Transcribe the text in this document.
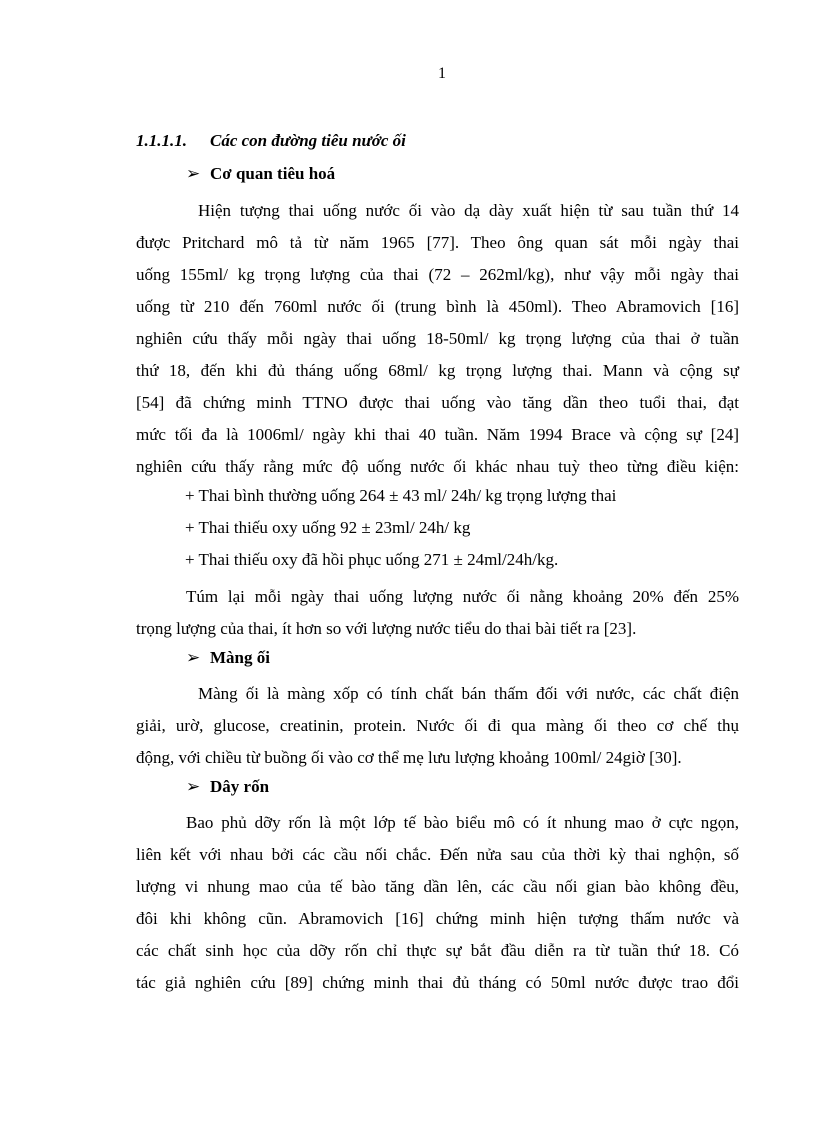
1
1.1.1.1. Các con đường tiêu nước ối
➢ Cơ quan tiêu hoá
Hiện tượng thai uống nước ối vào dạ dày xuất hiện từ sau tuần thứ 14
được Pritchard mô tả từ năm 1965 [77]. Theo ông quan sát mỗi ngày thai
uống 155ml/ kg trọng lượng của thai (72 – 262ml/kg), như vậy mỗi ngày thai
uống từ 210 đến 760ml nước ối (trung bình là 450ml). Theo Abramovich [16]
nghiên cứu thấy mỗi ngày thai uống 18-50ml/ kg trọng lượng của thai ở tuần
thứ 18, đến khi đủ tháng uống 68ml/ kg trọng lượng thai. Mann và cộng sự
[54] đã chứng minh TTNO được thai uống vào tăng dần theo tuổi thai, đạt
mức tối đa là 1006ml/ ngày khi thai 40 tuần. Năm 1994 Brace và cộng sự [24]
nghiên cứu thấy rằng mức độ uống nước ối khác nhau tuỳ theo từng điều kiện:
+ Thai bình thường uống 264 ± 43 ml/ 24h/ kg trọng lượng thai
+ Thai thiếu oxy uống 92 ± 23ml/ 24h/ kg
+ Thai thiếu oxy đã hồi phục uống 271 ± 24ml/24h/kg.
Túm lại mỗi ngày thai uống lượng nước ối nằng khoảng 20% đến 25%
trọng lượng của thai, ít hơn so với lượng nước tiểu do thai bài tiết ra [23].
➢ Màng ối
Màng ối là màng xốp có tính chất bán thấm đối với nước, các chất điện
giải, urờ, glucose, creatinin, protein. Nước ối đi qua màng ối theo cơ chế thụ
động, với chiều từ buồng ối vào cơ thể mẹ lưu lượng khoảng 100ml/ 24giờ [30].
➢ Dây rốn
Bao phủ dỡy rốn là một lớp tế bào biểu mô có ít nhung mao ở cực ngọn,
liên kết với nhau bởi các cầu nối chắc. Đến nửa sau của thời kỳ thai nghộn, số
lượng vi nhung mao của tế bào tăng dần lên, các cầu nối gian bào không đều,
đôi khi không cũn. Abramovich [16] chứng minh hiện tượng thấm nước và
các chất sinh học của dỡy rốn chỉ thực sự bắt đầu diễn ra từ tuần thứ 18. Có
tác giả nghiên cứu [89] chứng minh thai đủ tháng có 50ml nước được trao đổi
